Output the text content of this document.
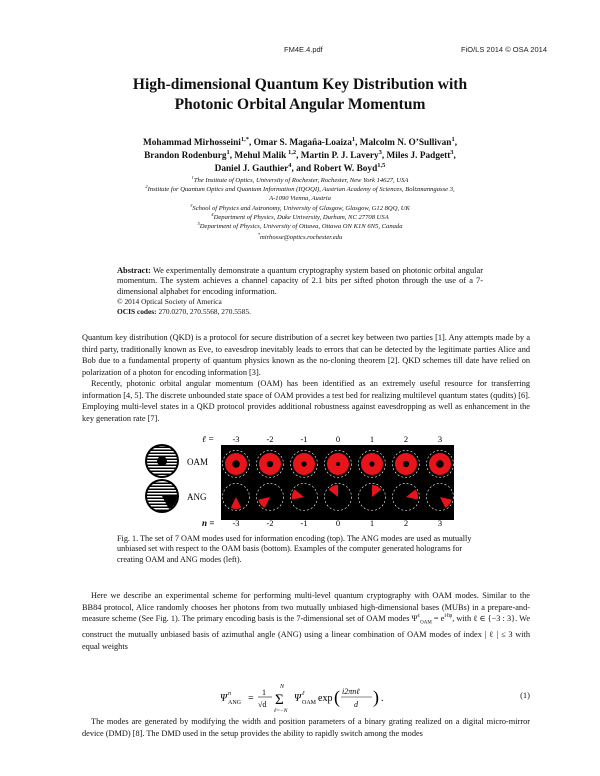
FM4E.4.pdf	FiO/LS 2014 © OSA 2014
High-dimensional Quantum Key Distribution with
Photonic Orbital Angular Momentum
Mohammad Mirhosseini$^{1,*}$, Omar S. Magaña-Loaiza$^1$, Malcolm N. O’Sullivan$^1$,
Brandon Rodenburg$^1$, Mehul Malik $^{1,2}$, Martin P. J. Lavery$^3$, Miles J. Padgett$^3$,
Daniel J. Gauthier$^4$, and Robert W. Boyd$^{1,5}$
$^1$The Institute of Optics, University of Rochester, Rochester, New York 14627, USA
$^2$Institute for Quantum Optics and Quantum Information (IQOQI), Austrian Academy of Sciences, Boltzmanngasse 3,
A-1090 Vienna, Austria
$^3$School of Physics and Astronomy, University of Glasgow, Glasgow, G12 8QQ, UK
$^4$Department of Physics, Duke University, Durham, NC 27708 USA
$^5$Department of Physics, University of Ottawa, Ottawa ON K1N 6N5, Canada
*mirhosse@optics.rochester.edu
Abstract: We experimentally demonstrate a quantum cryptography system based on photonic orbital angular momentum. The system achieves a channel capacity of 2.1 bits per sifted photon through the use of a 7-dimensional alphabet for encoding information.
© 2014 Optical Society of America
OCIS codes: 270.0270, 270.5568, 270.5585.

Quantum key distribution (QKD) is a protocol for secure distribution of a secret key between two parties [1]. Any attempts made by a third party, traditionally known as Eve, to eavesdrop inevitably leads to errors that can be detected by the legitimate parties Alice and Bob due to a fundamental property of quantum physics known as the no-cloning theorem [2]. QKD schemes till date have relied on polarization of a photon for encoding information [3].

Recently, photonic orbital angular momentum (OAM) has been identified as an extremely useful resource for transferring information [4, 5]. The discrete unbounded state space of OAM provides a test bed for realizing multilevel quantum states (qudits) [6]. Employing multi-level states in a QKD protocol provides additional robustness against eavesdropping as well as enhancement in the key generation rate [7].

ℓ =
OAM
ANG
n =
-3	-2	-1	0	1	2	3
-3	-2	-1	0	1	2	3
Fig. 1. The set of 7 OAM modes used for information encoding (top). The ANG modes are used as mutually unbiased set with respect to the OAM basis (bottom). Examples of the computer generated holograms for creating OAM and ANG modes (left).

Here we describe an experimental scheme for performing multi-level quantum cryptography with OAM modes. Similar to the BB84 protocol, Alice randomly chooses her photons from two mutually unbiased high-dimensional bases (MUBs) in a prepare-and-measure scheme (See Fig. 1). The primary encoding basis is the 7-dimensional set of OAM modes $\Psi^\ell_{OAM} = e^{i\ell\varphi}$, with ℓ ∈ {−3 : 3}. We construct the mutually unbiased basis of azimuthal angle (ANG) using a linear combination of OAM modes of index | ℓ | ≤ 3 with equal weights

Ψ n
ANG =
1
√d
N
Σ
ℓ=−N
Ψ ℓ
OAM exp ( i2πnℓ
d ) .	(1)

The modes are generated by modifying the width and position parameters of a binary grating realized on a digital micro-mirror device (DMD) [8]. The DMD used in the setup provides the ability to rapidly switch among the modes
